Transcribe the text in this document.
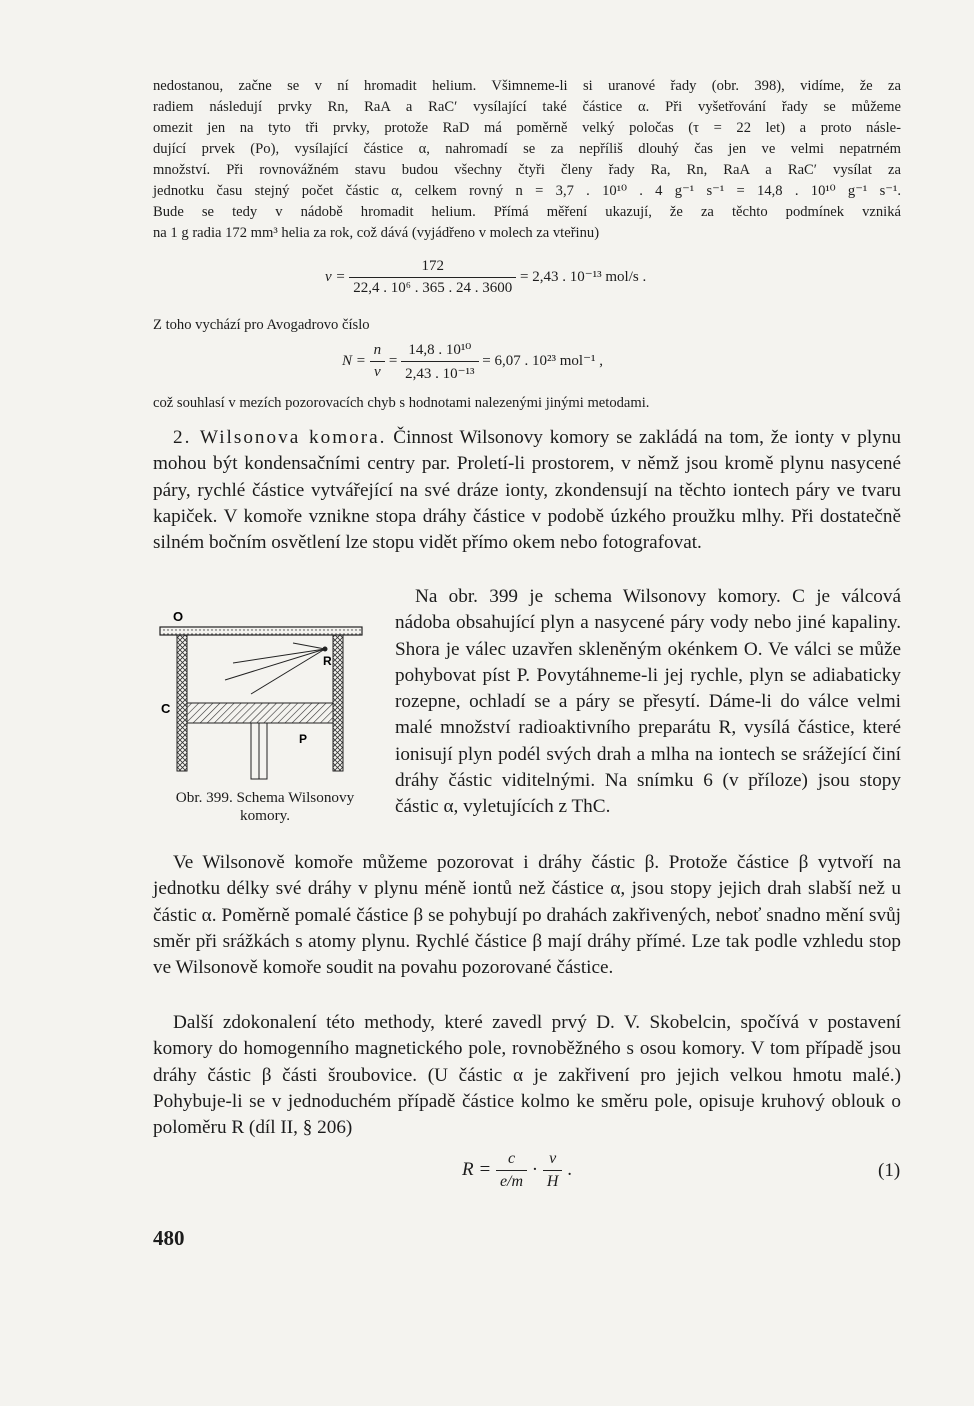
nedostanou, začne se v ní hromadit helium. Všimneme-li si uranové řady (obr. 398), vidíme, že za
radiem následují prvky Rn, RaA a RaC′ vysílající také částice α. Při vyšetřování řady se můžeme
omezit jen na tyto tři prvky, protože RaD má poměrně velký poločas (τ = 22 let) a proto násle-
dující prvek (Po), vysílající částice α, nahromadí se za nepříliš dlouhý čas jen ve velmi nepatrném
množství. Při rovnovážném stavu budou všechny čtyři členy řady Ra, Rn, RaA a RaC′ vysílat za
jednotku času stejný počet částic α, celkem rovný n = 3,7 . 10¹⁰ . 4 g⁻¹ s⁻¹ = 14,8 . 10¹⁰ g⁻¹ s⁻¹.
Bude se tedy v nádobě hromadit helium. Přímá měření ukazují, že za těchto podmínek vzniká
na 1 g radia 172 mm³ helia za rok, což dává (vyjádřeno v molech za vteřinu)
$\nu = \frac{172}{\text{22,4 . 10⁶ . 365 . 24 . 3600}} = 2,43$ . 10⁻¹³ mol/s .
Z toho vychází pro Avogadrovo číslo
$N = \frac{n}{\nu} = \frac{\text{14,8 . 10¹⁰}}{\text{2,43 . 10⁻¹³}} = 6,07$ . 10²³ mol⁻¹ ,
což souhlasí v mezích pozorovacích chyb s hodnotami nalezenými jinými metodami.
2. Wilsonova komora. Činnost Wilsonovy komory se zakládá na tom, že ionty v plynu mohou být kondensačními centry par. Proletí-li prostorem, v němž jsou kromě plynu nasycené páry, rychlé částice vytvářející na své dráze ionty, zkondensují na těchto iontech páry ve tvaru kapiček. V komoře vznikne stopa dráhy částice v podobě úzkého proužku mlhy. Při dostatečně silném bočním osvětlení lze stopu vidět přímo okem nebo fotografovat.
O
C
P
R
Obr. 399. Schema Wilsonovy komory.
Na obr. 399 je schema Wilsonovy komory. C je válcová nádoba obsahující plyn a nasycené páry vody nebo jiné kapaliny. Shora je válec uzavřen skleněným okénkem O. Ve válci se může pohybovat píst P. Povytáhneme-li jej rychle, plyn se adiabaticky rozepne, ochladí se a páry se přesytí. Dáme-li do válce velmi malé množství radioaktivního preparátu R, vysílá částice, které ionisují plyn podél svých drah a mlha na iontech se srážející činí dráhy částic viditelnými. Na snímku 6 (v příloze) jsou stopy částic α, vyletujících z ThC.
Ve Wilsonově komoře můžeme pozorovat i dráhy částic β. Protože částice β vytvoří na jednotku délky své dráhy v plynu méně iontů než částice α, jsou stopy jejich drah slabší než u částic α. Poměrně pomalé částice β se pohybují po drahách zakřivených, neboť snadno mění svůj směr při srážkách s atomy plynu. Rychlé částice β mají dráhy přímé. Lze tak podle vzhledu stop ve Wilsonově komoře soudit na povahu pozorované částice.
Další zdokonalení této methody, které zavedl prvý D. V. Skobelcin, spočívá v postavení komory do homogenního magnetického pole, rovnoběžného s osou komory. V tom případě jsou dráhy částic β části šroubovice. (U částic α je zakřivení pro jejich velkou hmotu malé.) Pohybuje-li se v jednoduchém případě částice kolmo ke směru pole, opisuje kruhový oblouk o poloměru R (díl II, § 206)
$R = \frac{c}{e/m} \cdot \frac{v}{H}$ .	(1)
480
